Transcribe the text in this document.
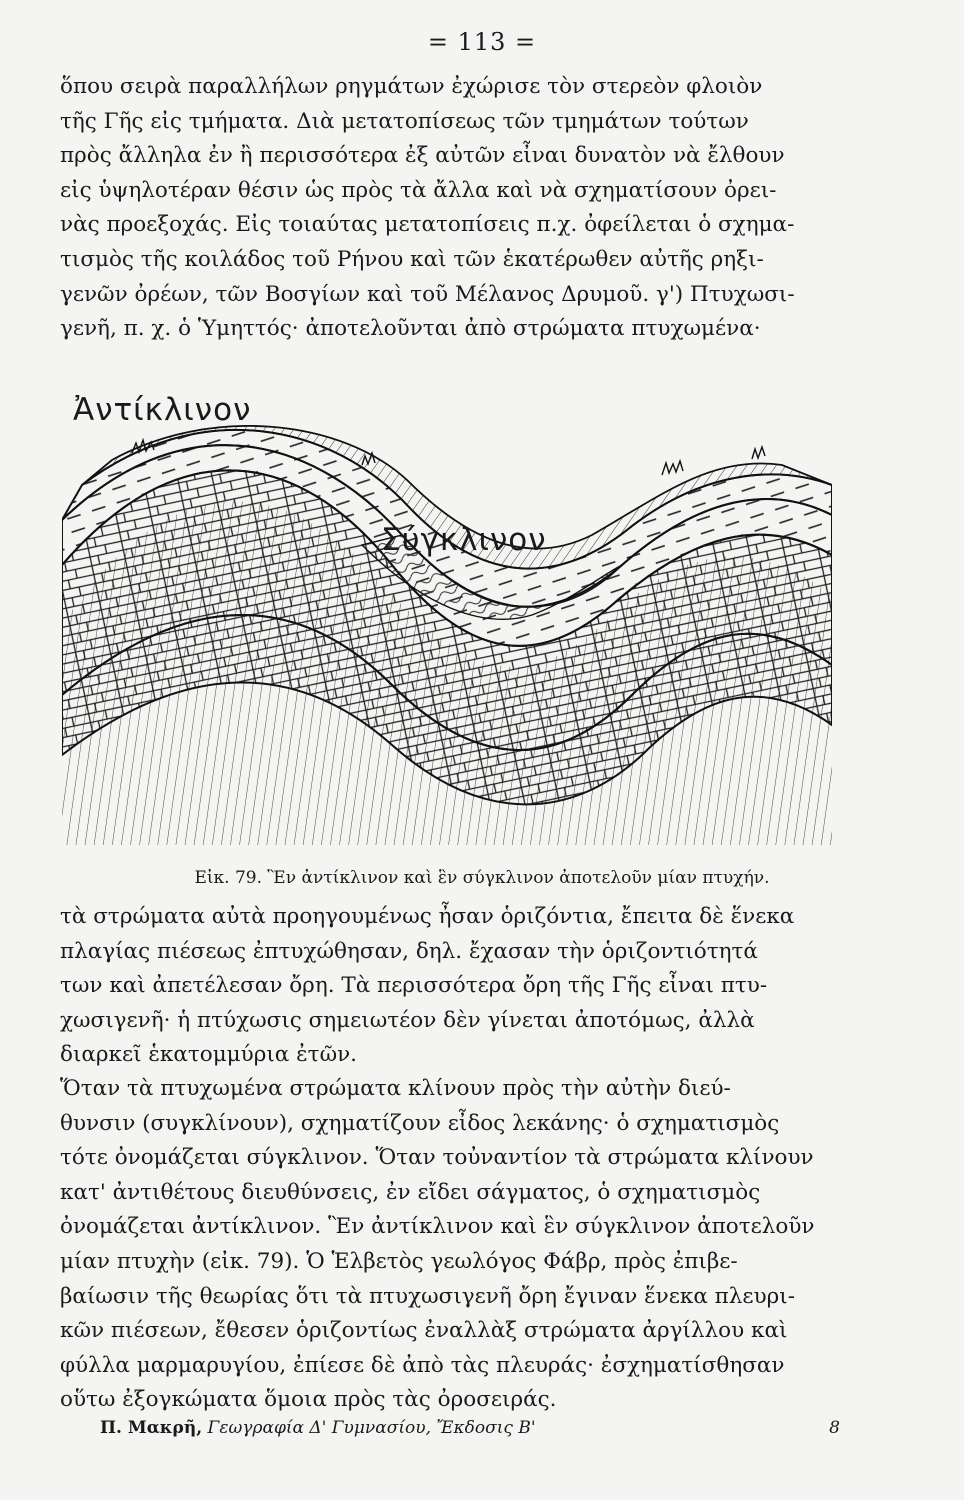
= 113 =
ὅπου σειρὰ παραλλήλων ρηγμάτων ἐχώρισε τὸν στερεὸν φλοιὸν
τῆς Γῆς εἰς τμήματα. Διὰ μετατοπίσεως τῶν τμημάτων τούτων
πρὸς ἄλληλα ἐν ἢ περισσότερα ἐξ αὐτῶν εἶναι δυνατὸν νὰ ἔλθουν
εἰς ὑψηλοτέραν θέσιν ὡς πρὸς τὰ ἄλλα καὶ νὰ σχηματίσουν ὀρει-
νὰς προεξοχάς. Εἰς τοιαύτας μετατοπίσεις π.χ. ὀφείλεται ὁ σχημα-
τισμὸς τῆς κοιλάδος τοῦ Ρήνου καὶ τῶν ἑκατέρωθεν αὐτῆς ρηξι-
γενῶν ὀρέων, τῶν Βοσγίων καὶ τοῦ Μέλανος Δρυμοῦ. γ') Πτυχωσι-
γενῆ, π. χ. ὁ Ὑμηττός· ἀποτελοῦνται ἀπὸ στρώματα πτυχωμένα·
Ἀντίκλινον
Σύγκλινον
Εἰκ. 79. Ἓν ἀντίκλινον καὶ ἓν σύγκλινον ἀποτελοῦν μίαν πτυχήν.
τὰ στρώματα αὐτὰ προηγουμένως ἦσαν ὁριζόντια, ἔπειτα δὲ ἕνεκα
πλαγίας πιέσεως ἐπτυχώθησαν, δηλ. ἔχασαν τὴν ὁριζοντιότητά
των καὶ ἀπετέλεσαν ὄρη. Τὰ περισσότερα ὄρη τῆς Γῆς εἶναι πτυ-
χωσιγενῆ· ἡ πτύχωσις σημειωτέον δὲν γίνεται ἀποτόμως, ἀλλὰ
διαρκεῖ ἑκατομμύρια ἐτῶν.
Ὅταν τὰ πτυχωμένα στρώματα κλίνουν πρὸς τὴν αὐτὴν διεύ-
θυνσιν (συγκλίνουν), σχηματίζουν εἶδος λεκάνης· ὁ σχηματισμὸς
τότε ὀνομάζεται σύγκλινον. Ὅταν τοὐναντίον τὰ στρώματα κλίνουν
κατ' ἀντιθέτους διευθύνσεις, ἐν εἴδει σάγματος, ὁ σχηματισμὸς
ὀνομάζεται ἀντίκλινον. Ἓν ἀντίκλινον καὶ ἓν σύγκλινον ἀποτελοῦν
μίαν πτυχὴν (εἰκ. 79). Ὁ Ἑλβετὸς γεωλόγος Φάβρ, πρὸς ἐπιβε-
βαίωσιν τῆς θεωρίας ὅτι τὰ πτυχωσιγενῆ ὄρη ἔγιναν ἕνεκα πλευρι-
κῶν πιέσεων, ἔθεσεν ὁριζοντίως ἐναλλὰξ στρώματα ἀργίλλου καὶ
φύλλα μαρμαρυγίου, ἐπίεσε δὲ ἀπὸ τὰς πλευράς· ἐσχηματίσθησαν
οὕτω ἐξογκώματα ὅμοια πρὸς τὰς ὀροσειράς.
Π. Μακρῆ, Γεωγραφία Δ' Γυμνασίου, Ἔκδοσις Β'	8
